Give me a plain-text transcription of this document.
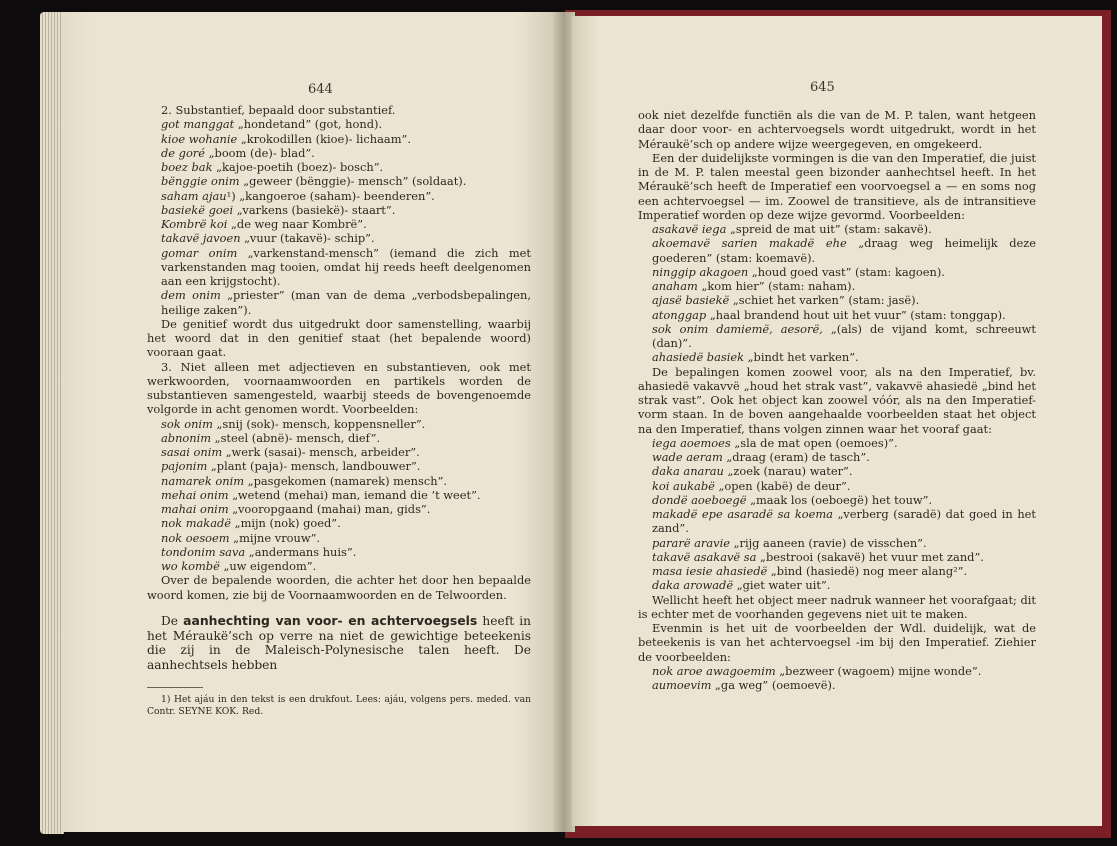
644

2. Substantief, bepaald door substantief.

got manggat „hondetand” (got, hond).

kioe wohanie „krokodillen (kioe)- lichaam”.

de goré „boom (de)- blad”.

boez bak „kajoe-poetih (boez)- bosch”.

bënggie onim „geweer (bënggie)- mensch” (soldaat).

saham ajau¹) „kangoeroe (saham)- beenderen”.

basiekë goei „varkens (basiekë)- staart”.

Kombrë koi „de weg naar Kombrë”.

takavë javoen „vuur (takavë)- schip”.

gomar onim „varkenstand-mensch” (iemand die zich met varkenstanden mag tooien, omdat hij reeds heeft deelgenomen aan een krijgstocht).

dem onim „priester” (man van de dema „verbodsbepalingen, heilige zaken”).

De genitief wordt dus uitgedrukt door samenstelling, waarbij het woord dat in den genitief staat (het bepalende woord) vooraan gaat.

3. Niet alleen met adjectieven en substantieven, ook met werkwoorden, voornaamwoorden en partikels worden de substantieven samengesteld, waarbij steeds de bovengenoemde volgorde in acht genomen wordt. Voorbeelden:

sok onim „snij (sok)- mensch, koppensneller”.

abnonim „steel (abnë)- mensch, dief”.

sasai onim „werk (sasai)- mensch, arbeider”.

pajonim „plant (paja)- mensch, landbouwer”.

namarek onim „pasgekomen (namarek) mensch”.

mehai onim „wetend (mehai) man, iemand die ’t weet”.

mahai onim „vooropgaand (mahai) man, gids”.

nok makadë „mijn (nok) goed”.

nok oesoem „mijne vrouw”.

tondonim sava „andermans huis”.

wo kombë „uw eigendom”.

Over de bepalende woorden, die achter het door hen bepaalde woord komen, zie bij de Voornaamwoorden en de Telwoorden.

De aanhechting van voor- en achtervoegsels heeft in het Méraukë’sch op verre na niet de gewichtige beteekenis die zij in de Maleisch-Polynesische talen heeft. De aanhechtsels hebben

1) Het ajáu in den tekst is een drukfout. Lees: ajáu, volgens pers. meded. van Contr. SEYNE KOK. Red.

645

ook niet dezelfde functiën als die van de M. P. talen, want hetgeen daar door voor- en achtervoegsels wordt uitgedrukt, wordt in het Méraukë’sch op andere wijze weergegeven, en omgekeerd.

Een der duidelijkste vormingen is die van den Imperatief, die juist in de M. P. talen meestal geen bizonder aanhechtsel heeft. In het Méraukë’sch heeft de Imperatief een voorvoegsel a — en soms nog een achtervoegsel — im. Zoowel de transitieve, als de intransitieve Imperatief worden op deze wijze gevormd. Voorbeelden:

asakavë iega „spreid de mat uit” (stam: sakavë).

akoemavë sarien makadë ehe „draag weg heimelijk deze goederen” (stam: koemavë).

ninggip akagoen „houd goed vast” (stam: kagoen).

anaham „kom hier” (stam: naham).

ajasë basiekë „schiet het varken” (stam: jasë).

atonggap „haal brandend hout uit het vuur” (stam: tonggap).

sok onim damiemë, aesorë, „(als) de vijand komt, schreeuwt (dan)”.

ahasiedë basiek „bindt het varken”.

De bepalingen komen zoowel voor, als na den Imperatief, bv. ahasiedë vakavvë „houd het strak vast”, vakavvë ahasiedë „bind het strak vast”. Ook het object kan zoowel vóór, als na den Imperatief-vorm staan. In de boven aangehaalde voorbeelden staat het object na den Imperatief, thans volgen zinnen waar het vooraf gaat:

iega aoemoes „sla de mat open (oemoes)”.

wade aeram „draag (eram) de tasch”.

daka anarau „zoek (narau) water”.

koi aukabë „open (kabë) de deur”.

dondë aoeboegë „maak los (oeboegë) het touw”.

makadë epe asaradë sa koema „verberg (saradë) dat goed in het zand”.

pararë aravie „rijg aaneen (ravie) de visschen”.

takavë asakavë sa „bestrooi (sakavë) het vuur met zand”.

masa iesie ahasiedë „bind (hasiedë) nog meer alang²”.

daka arowadë „giet water uit”.

Wellicht heeft het object meer nadruk wanneer het voorafgaat; dit is echter met de voorhanden gegevens niet uit te maken.

Evenmin is het uit de voorbeelden der Wdl. duidelijk, wat de beteekenis is van het achtervoegsel -im bij den Imperatief. Ziehier de voorbeelden:

nok aroe awagoemim „bezweer (wagoem) mijne wonde”.

aumoevim „ga weg” (oemoevë).
